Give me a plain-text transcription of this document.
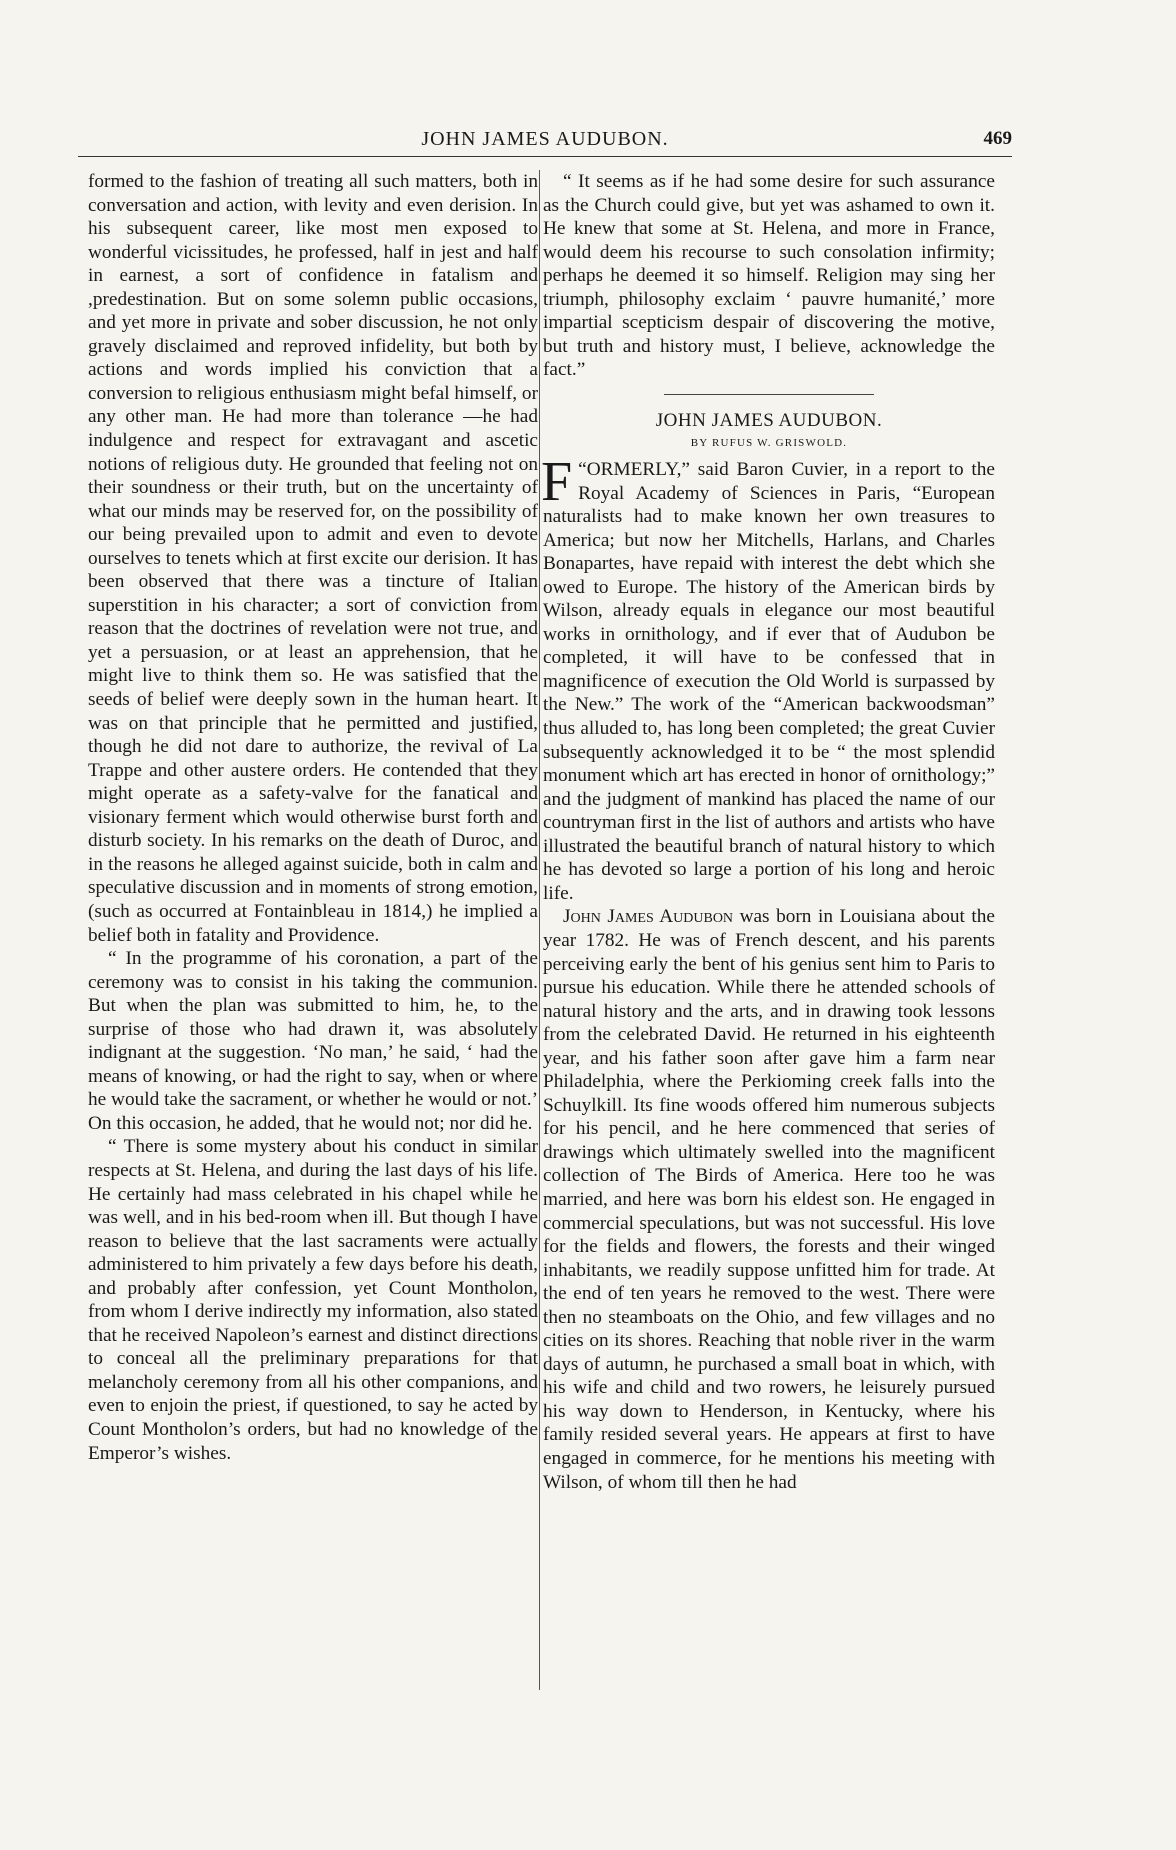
JOHN JAMES AUDUBON.	469

formed to the fashion of treating all such matters, both in conversation and action, with levity and even derision. In his subsequent career, like most men exposed to wonderful vicissitudes, he professed, half in jest and half in earnest, a sort of confidence in fatalism and ,predestination. But on some solemn public occasions, and yet more in private and sober discussion, he not only gravely disclaimed and reproved infidelity, but both by actions and words implied his conviction that a conversion to religious enthusiasm might befal himself, or any other man. He had more than tolerance —he had indulgence and respect for extravagant and ascetic notions of religious duty. He grounded that feeling not on their soundness or their truth, but on the uncertainty of what our minds may be reserved for, on the possibility of our being prevailed upon to admit and even to devote ourselves to tenets which at first excite our derision. It has been observed that there was a tincture of Italian superstition in his character; a sort of conviction from reason that the doctrines of revelation were not true, and yet a persuasion, or at least an apprehension, that he might live to think them so. He was satisfied that the seeds of belief were deeply sown in the human heart. It was on that principle that he permitted and justified, though he did not dare to authorize, the revival of La Trappe and other austere orders. He contended that they might operate as a safety-valve for the fanatical and visionary ferment which would otherwise burst forth and disturb society. In his remarks on the death of Duroc, and in the reasons he alleged against suicide, both in calm and speculative discussion and in moments of strong emotion, (such as occurred at Fontainbleau in 1814,) he implied a belief both in fatality and Providence.

“ In the programme of his coronation, a part of the ceremony was to consist in his taking the communion. But when the plan was submitted to him, he, to the surprise of those who had drawn it, was absolutely indignant at the suggestion. ‘No man,’ he said, ‘ had the means of knowing, or had the right to say, when or where he would take the sacrament, or whether he would or not.’ On this occasion, he added, that he would not; nor did he.

“ There is some mystery about his conduct in similar respects at St. Helena, and during the last days of his life. He certainly had mass celebrated in his chapel while he was well, and in his bed-room when ill. But though I have reason to believe that the last sacraments were actually administered to him privately a few days before his death, and probably after confession, yet Count Montholon, from whom I derive indirectly my information, also stated that he received Napoleon’s earnest and distinct directions to conceal all the preliminary preparations for that melancholy ceremony from all his other companions, and even to enjoin the priest, if questioned, to say he acted by Count Montholon’s orders, but had no knowledge of the Emperor’s wishes.

“ It seems as if he had some desire for such assurance as the Church could give, but yet was ashamed to own it. He knew that some at St. Helena, and more in France, would deem his recourse to such consolation infirmity; perhaps he deemed it so himself. Religion may sing her triumph, philosophy exclaim ‘ pauvre humanité,’ more impartial scepticism despair of discovering the motive, but truth and history must, I believe, acknowledge the fact.”

JOHN JAMES AUDUBON.
BY RUFUS W. GRISWOLD.

“
F ORMERLY,” said Baron Cuvier, in a report to the Royal Academy of Sciences in Paris, “European naturalists had to make known her own treasures to America; but now her Mitchells, Harlans, and Charles Bonapartes, have repaid with interest the debt which she owed to Europe. The history of the American birds by Wilson, already equals in elegance our most beautiful works in ornithology, and if ever that of Audubon be completed, it will have to be confessed that in magnificence of execution the Old World is surpassed by the New.” The work of the “American backwoodsman” thus alluded to, has long been completed; the great Cuvier subsequently acknowledged it to be “ the most splendid monument which art has erected in honor of ornithology;” and the judgment of mankind has placed the name of our countryman first in the list of authors and artists who have illustrated the beautiful branch of natural history to which he has devoted so large a portion of his long and heroic life.

John James Audubon was born in Louisiana about the year 1782. He was of French descent, and his parents perceiving early the bent of his genius sent him to Paris to pursue his education. While there he attended schools of natural history and the arts, and in drawing took lessons from the celebrated David. He returned in his eighteenth year, and his father soon after gave him a farm near Philadelphia, where the Perkioming creek falls into the Schuylkill. Its fine woods offered him numerous subjects for his pencil, and he here commenced that series of drawings which ultimately swelled into the magnificent collection of The Birds of America. Here too he was married, and here was born his eldest son. He engaged in commercial speculations, but was not successful. His love for the fields and flowers, the forests and their winged inhabitants, we readily suppose unfitted him for trade. At the end of ten years he removed to the west. There were then no steamboats on the Ohio, and few villages and no cities on its shores. Reaching that noble river in the warm days of autumn, he purchased a small boat in which, with his wife and child and two rowers, he leisurely pursued his way down to Henderson, in Kentucky, where his family resided several years. He appears at first to have engaged in commerce, for he mentions his meeting with Wilson, of whom till then he had
